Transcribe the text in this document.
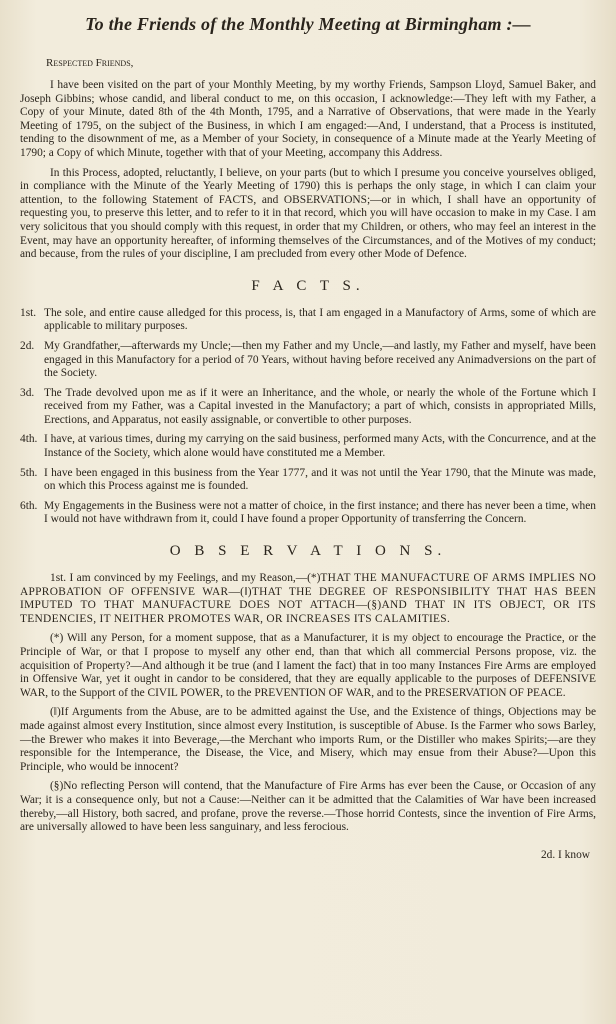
To the Friends of the Monthly Meeting at Birmingham :—
Respected Friends,

I have been visited on the part of your Monthly Meeting, by my worthy Friends, Sampson Lloyd, Samuel Baker, and Joseph Gibbins; whose candid, and liberal conduct to me, on this occasion, I acknowledge:—They left with my Father, a Copy of your Minute, dated 8th of the 4th Month, 1795, and a Narrative of Observations, that were made in the Yearly Meeting of 1795, on the subject of the Business, in which I am engaged:—And, I understand, that a Process is instituted, tending to the disownment of me, as a Member of your Society, in consequence of a Minute made at the Yearly Meeting of 1790; a Copy of which Minute, together with that of your Meeting, accompany this Address.

In this Process, adopted, reluctantly, I believe, on your parts (but to which I presume you conceive yourselves obliged, in compliance with the Minute of the Yearly Meeting of 1790) this is perhaps the only stage, in which I can claim your attention, to the following Statement of FACTS, and OBSERVATIONS;—or in which, I shall have an opportunity of requesting you, to preserve this letter, and to refer to it in that record, which you will have occasion to make in my Case. I am very solicitous that you should comply with this request, in order that my Children, or others, who may feel an interest in the Event, may have an opportunity hereafter, of informing themselves of the Circumstances, and of the Motives of my conduct; and because, from the rules of your discipline, I am precluded from every other Mode of Defence.

F A C T S.
1st. The sole, and entire cause alledged for this process, is, that I am engaged in a Manufactory of Arms, some of which are applicable to military purposes.
2d. My Grandfather,—afterwards my Uncle;—then my Father and my Uncle,—and lastly, my Father and myself, have been engaged in this Manufactory for a period of 70 Years, without having before received any Animadversions on the part of the Society.
3d. The Trade devolved upon me as if it were an Inheritance, and the whole, or nearly the whole of the Fortune which I received from my Father, was a Capital invested in the Manufactory; a part of which, consists in appropriated Mills, Erections, and Apparatus, not easily assignable, or convertible to other purposes.
4th. I have, at various times, during my carrying on the said business, performed many Acts, with the Concurrence, and at the Instance of the Society, which alone would have constituted me a Member.
5th. I have been engaged in this business from the Year 1777, and it was not until the Year 1790, that the Minute was made, on which this Process against me is founded.
6th. My Engagements in the Business were not a matter of choice, in the first instance; and there has never been a time, when I would not have withdrawn from it, could I have found a proper Opportunity of transferring the Concern.
O B S E R V A T I O N S.

1st. I am convinced by my Feelings, and my Reason,—(*)THAT THE MANUFACTURE OF ARMS IMPLIES NO APPROBATION OF OFFENSIVE WAR—(‖)THAT THE DEGREE OF RESPONSIBILITY THAT HAS BEEN IMPUTED TO THAT MANUFACTURE DOES NOT ATTACH—(§)AND THAT IN ITS OBJECT, OR ITS TENDENCIES, IT NEITHER PROMOTES WAR, OR INCREASES ITS CALAMITIES.

(*) Will any Person, for a moment suppose, that as a Manufacturer, it is my object to encourage the Practice, or the Principle of War, or that I propose to myself any other end, than that which all commercial Persons propose, viz. the acquisition of Property?—And although it be true (and I lament the fact) that in too many Instances Fire Arms are employed in Offensive War, yet it ought in candor to be considered, that they are equally applicable to the purposes of DEFENSIVE WAR, to the Support of the CIVIL POWER, to the PREVENTION OF WAR, and to the PRESERVATION OF PEACE.

(‖)If Arguments from the Abuse, are to be admitted against the Use, and the Existence of things, Objections may be made against almost every Institution, since almost every Institution, is susceptible of Abuse. Is the Farmer who sows Barley,—the Brewer who makes it into Beverage,—the Merchant who imports Rum, or the Distiller who makes Spirits;—are they responsible for the Intemperance, the Disease, the Vice, and Misery, which may ensue from their Abuse?—Upon this Principle, who would be innocent?

(§)No reflecting Person will contend, that the Manufacture of Fire Arms has ever been the Cause, or Occasion of any War; it is a consequence only, but not a Cause:—Neither can it be admitted that the Calamities of War have been increased thereby,—all History, both sacred, and profane, prove the reverse.—Those horrid Contests, since the invention of Fire Arms, are universally allowed to have been less sanguinary, and less ferocious.

2d. I know
